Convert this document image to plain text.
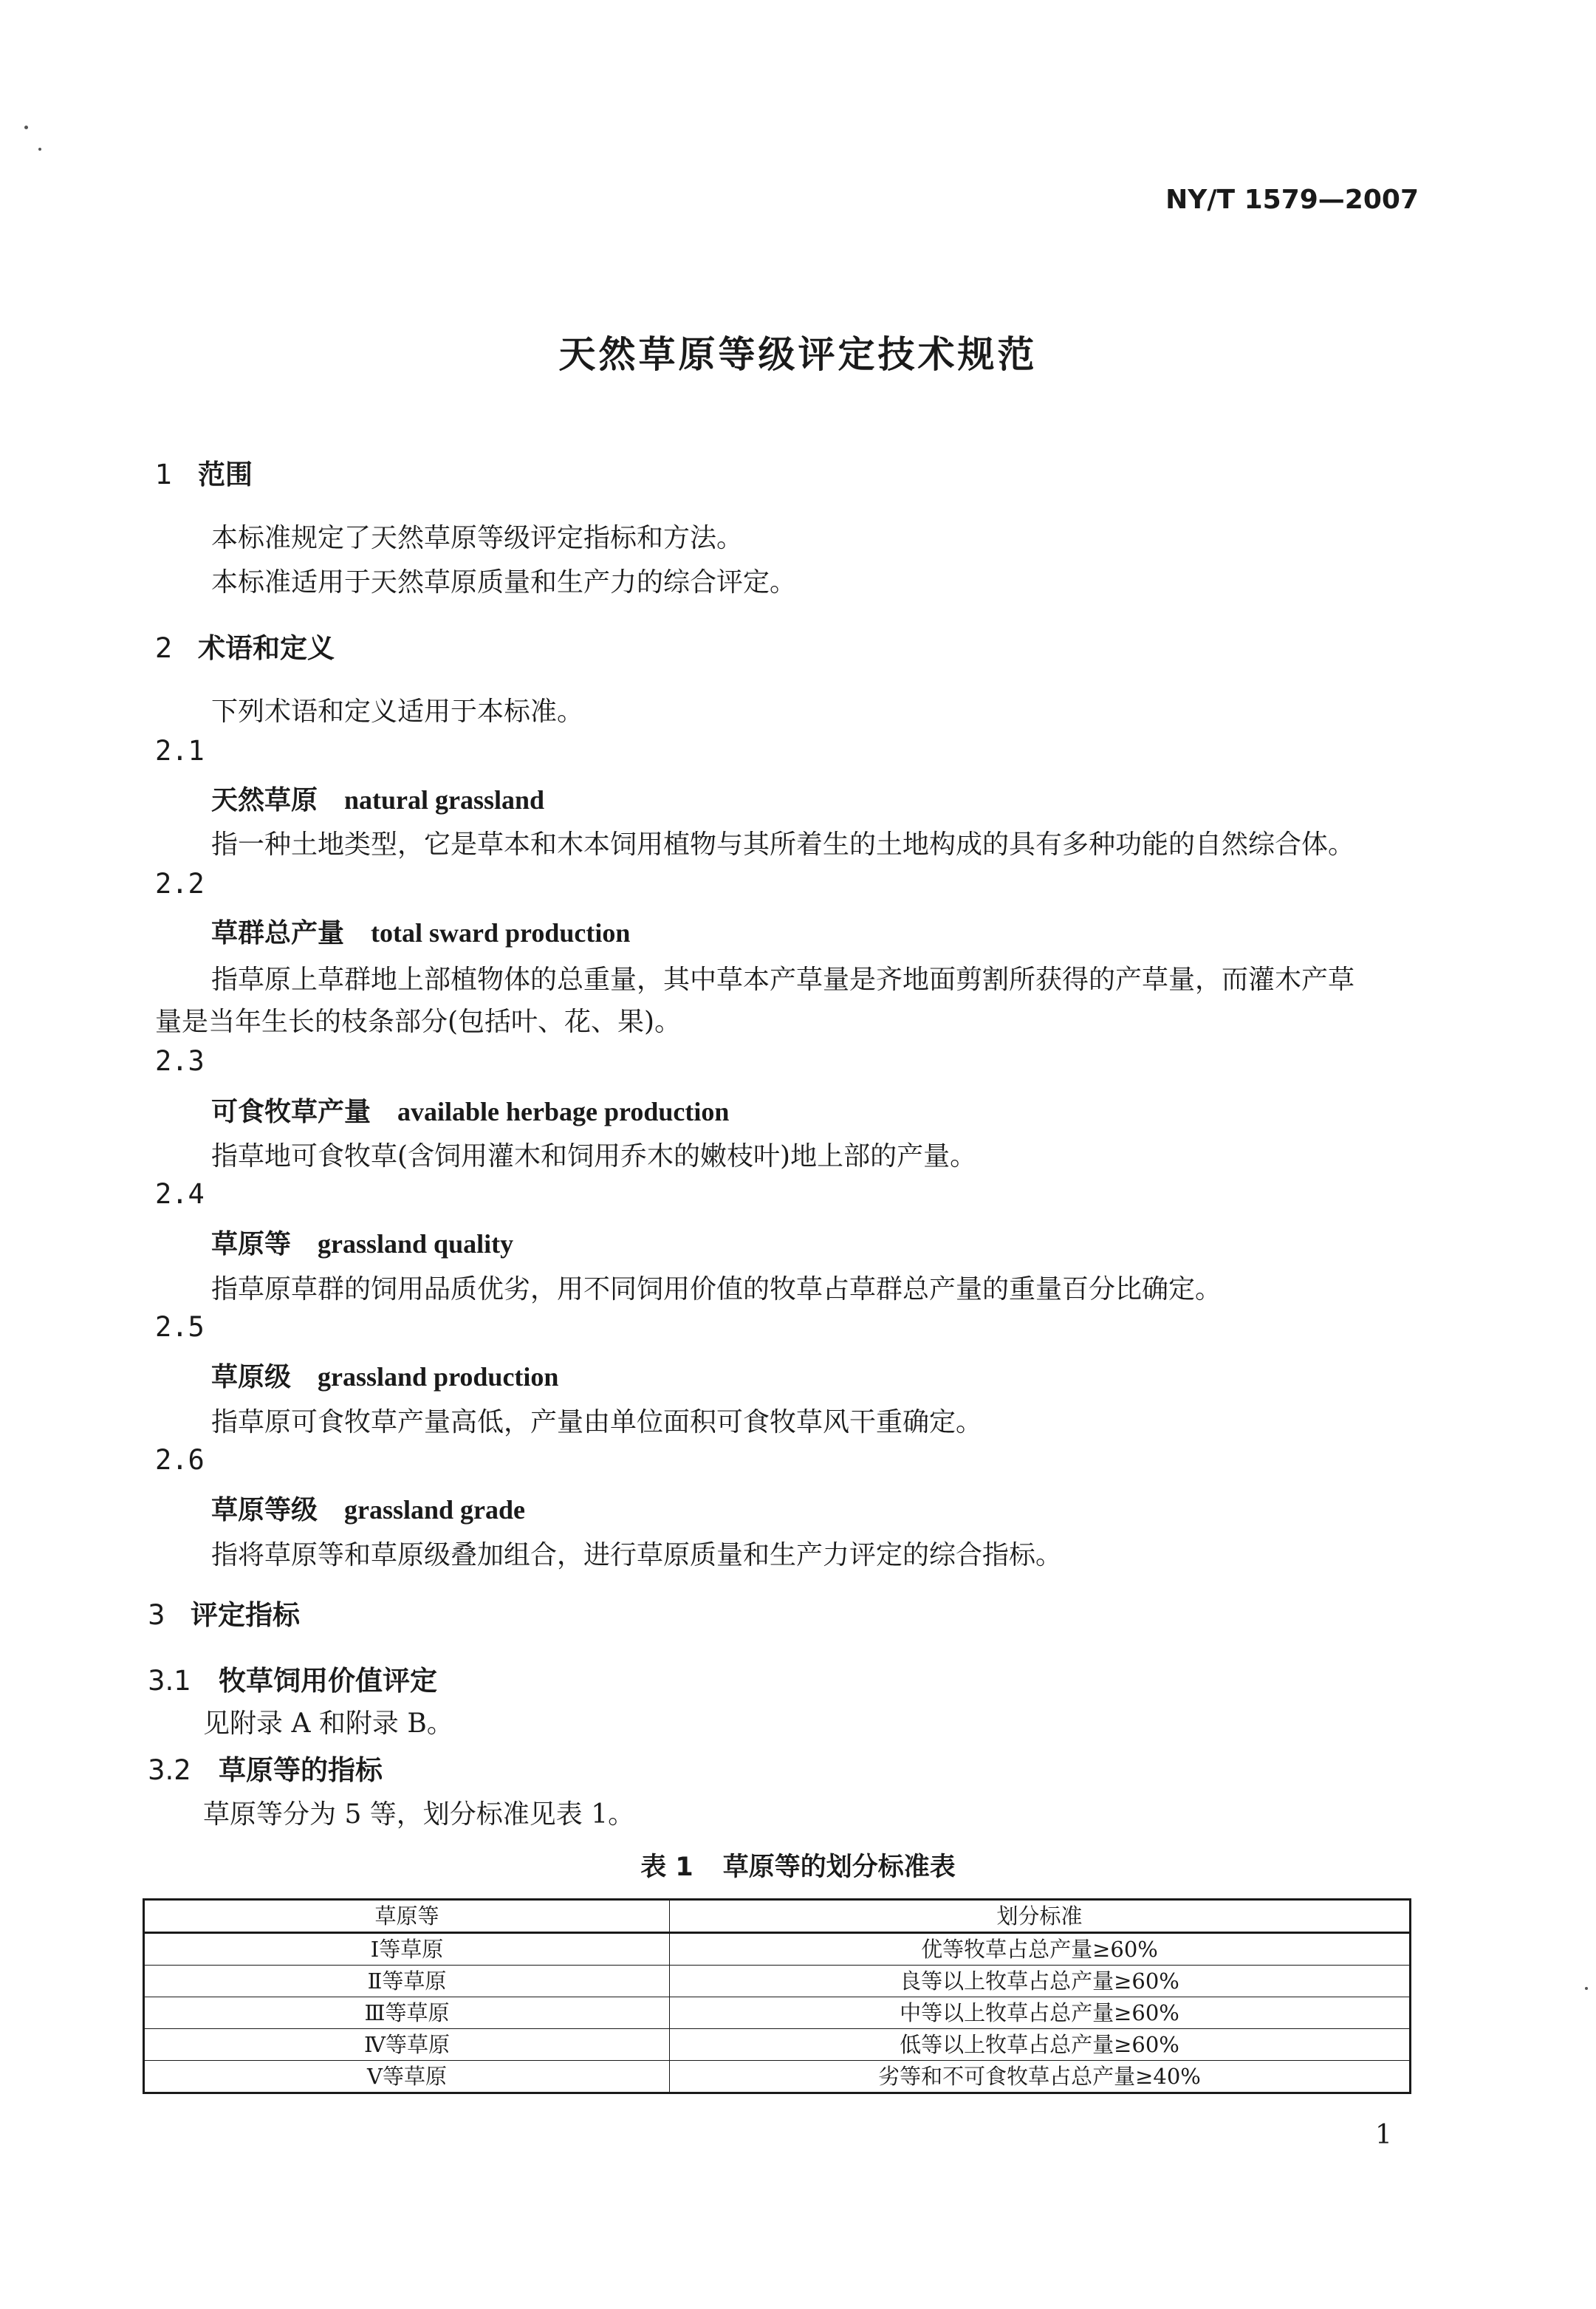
NY/T 1579—2007
天然草原等级评定技术规范
1 范围
本标准规定了天然草原等级评定指标和方法。
本标准适用于天然草原质量和生产力的综合评定。
2 术语和定义
下列术语和定义适用于本标准。
2.1
天然草原 natural grassland
指一种土地类型，它是草本和木本饲用植物与其所着生的土地构成的具有多种功能的自然综合体。
2.2
草群总产量 total sward production
指草原上草群地上部植物体的总重量，其中草本产草量是齐地面剪割所获得的产草量，而灌木产草
量是当年生长的枝条部分(包括叶、花、果)。
2.3
可食牧草产量 available herbage production
指草地可食牧草(含饲用灌木和饲用乔木的嫩枝叶)地上部的产量。
2.4
草原等 grassland quality
指草原草群的饲用品质优劣，用不同饲用价值的牧草占草群总产量的重量百分比确定。
2.5
草原级 grassland production
指草原可食牧草产量高低，产量由单位面积可食牧草风干重确定。
2.6
草原等级 grassland grade
指将草原等和草原级叠加组合，进行草原质量和生产力评定的综合指标。
3 评定指标
3.1 牧草饲用价值评定
见附录 A 和附录 B。
3.2 草原等的指标
草原等分为 5 等，划分标准见表 1。
表 1 草原等的划分标准表
草原等	划分标准
Ⅰ等草原	优等牧草占总产量≥60%
Ⅱ等草原	良等以上牧草占总产量≥60%
Ⅲ等草原	中等以上牧草占总产量≥60%
Ⅳ等草原	低等以上牧草占总产量≥60%
Ⅴ等草原	劣等和不可食牧草占总产量≥40%
1
